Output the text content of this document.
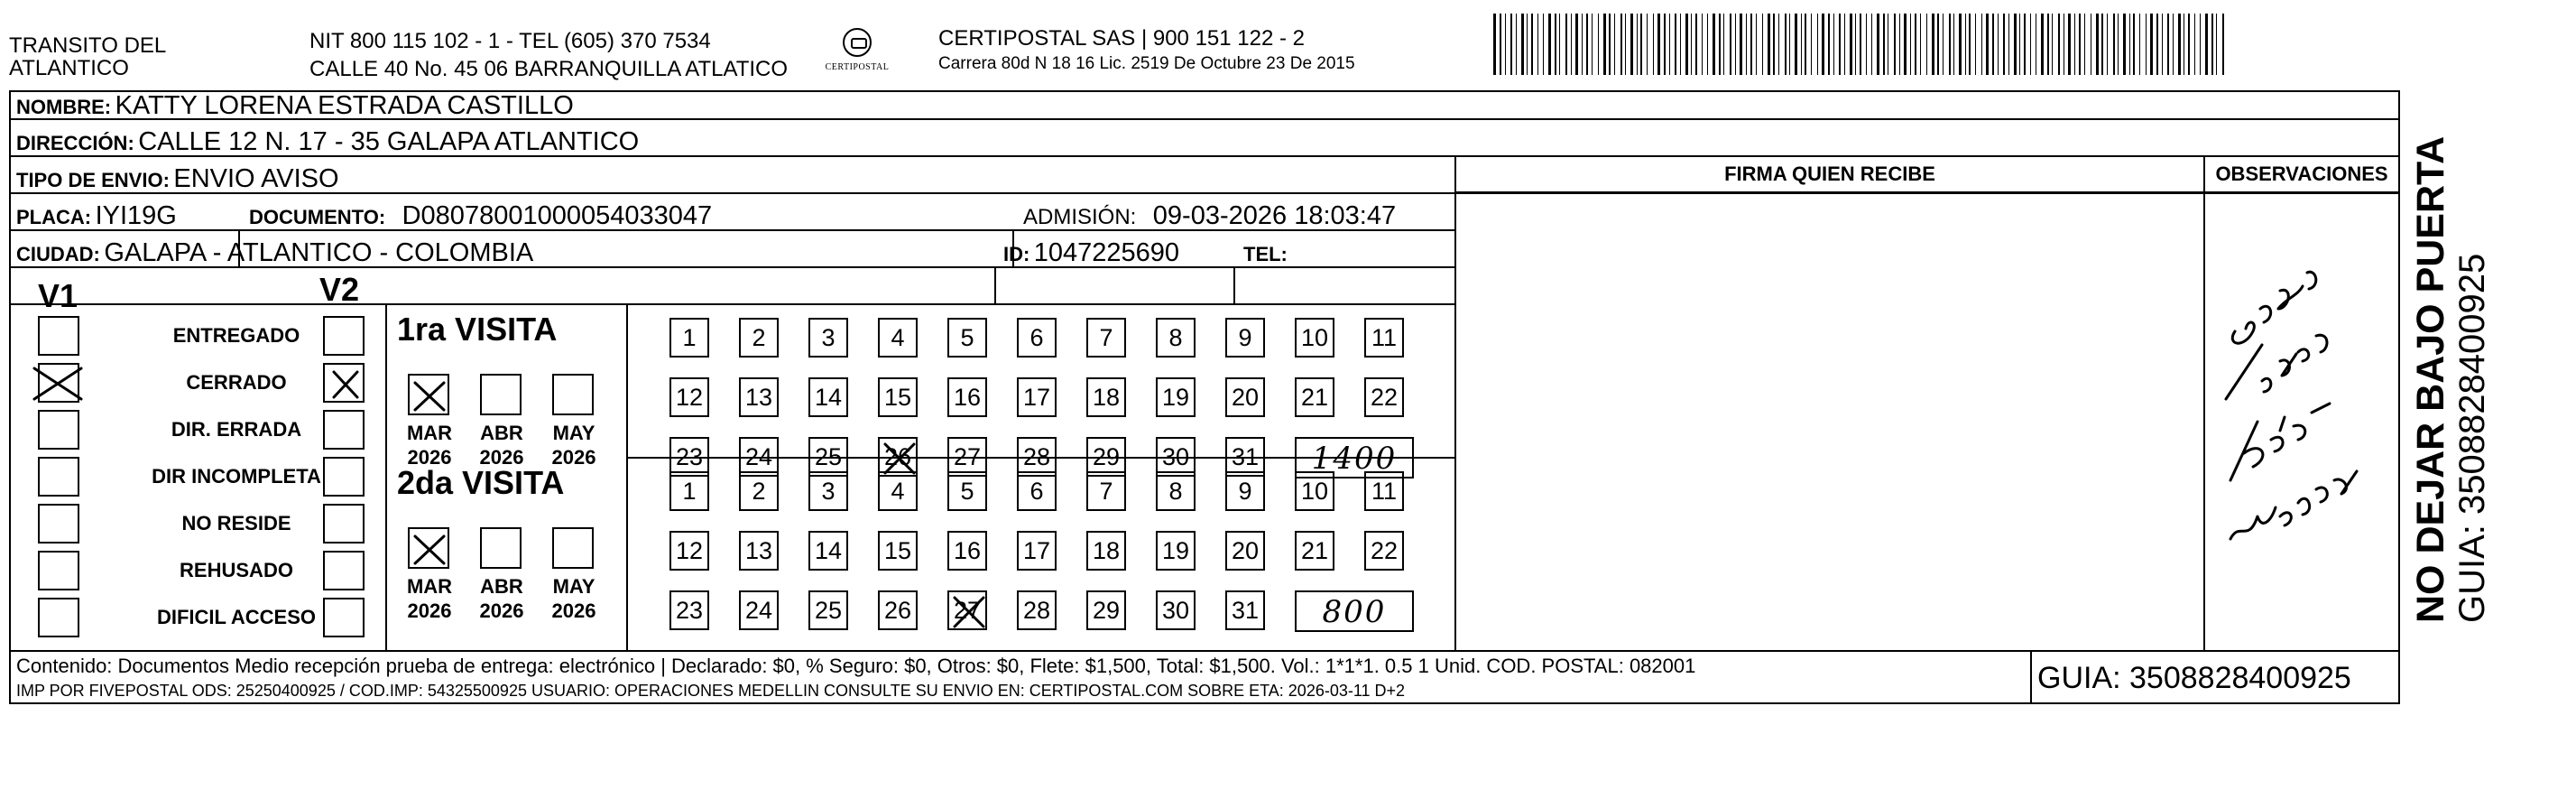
TRANSITO DEL
ATLANTICO
NIT 800 115 102 - 1 - TEL (605) 370 7534
CALLE 40 No. 45 06 BARRANQUILLA ATLATICO	CERTIPOSTAL
CERTIPOSTAL SAS | 900 151 122 - 2
Carrera 80d N 18 16 Lic. 2519 De Octubre 23 De 2015
NOMBRE: KATTY LORENA ESTRADA CASTILLO
DIRECCIÓN: CALLE 12 N. 17 - 35 GALAPA ATLANTICO
TIPO DE ENVIO: ENVIO AVISO
PLACA: IYI19G	DOCUMENTO: D08078001000054033047	ADMISIÓN: 09-03-2026 18:03:47
CIUDAD: GALAPA - ATLANTICO - COLOMBIA	ID: 1047225690	TEL:
FIRMA QUIEN RECIBE	OBSERVACIONES
V1	V2
ENTREGADO
CERRADO
DIR. ERRADA
DIR INCOMPLETA
NO RESIDE
REHUSADO
DIFICIL ACCESO
1ra VISITA
MAR
2026
ABR
2026
MAY
2026
1	2	3	4	5	6	7	8	9	10 11
12 13 14 15 16 17 18 19 20 21 22
23 24 25 26 27 28 29 30 31	1400
2da VISITA
MAR
2026
ABR
2026
MAY
2026
1	2	3	4	5	6	7	8	9	10 11
12 13 14 15 16 17 18 19 20 21 22
23 24 25 26 27 28 29 30 31	800
Contenido: Documentos Medio recepción prueba de entrega: electrónico | Declarado: $0, % Seguro: $0, Otros: $0, Flete: $1,500, Total: $1,500. Vol.: 1*1*1. 0.5 1 Unid. COD. POSTAL: 082001
IMP POR FIVEPOSTAL ODS: 25250400925 / COD.IMP: 54325500925 USUARIO: OPERACIONES MEDELLIN CONSULTE SU ENVIO EN: CERTIPOSTAL.COM SOBRE ETA: 2026-03-11 D+2	GUIA: 3508828400925
NO DEJAR BAJO PUERTA GUIA: 3508828400925
